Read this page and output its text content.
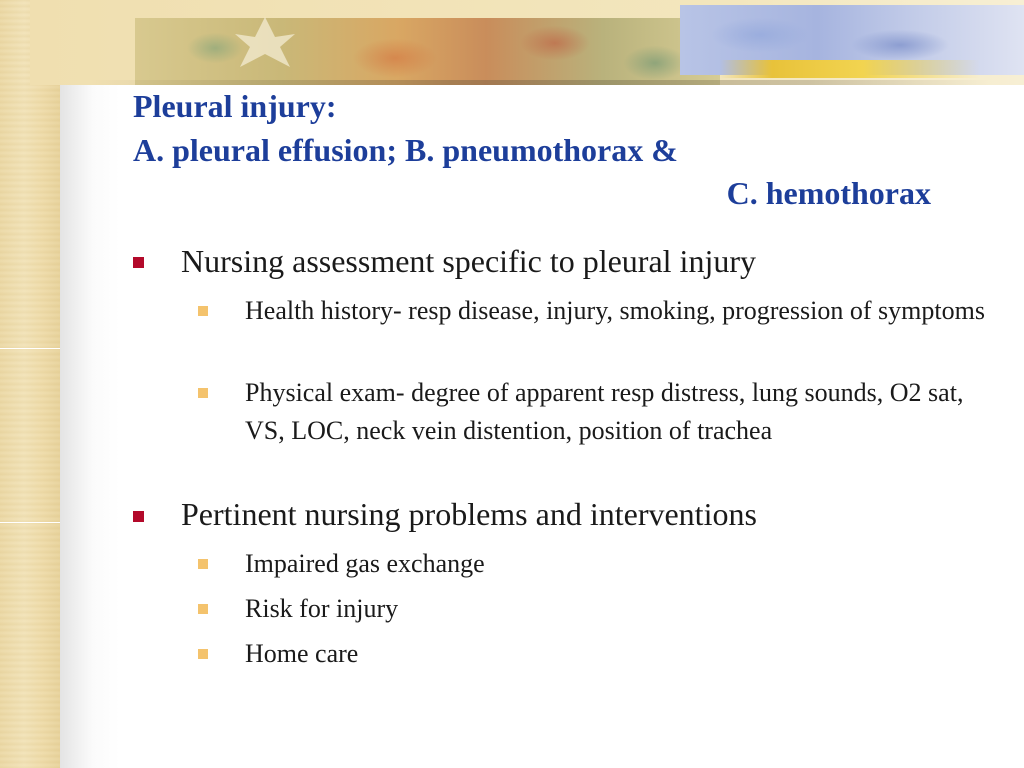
Pleural injury:
A. pleural effusion; B. pneumothorax &
C. hemothorax
Nursing assessment specific to pleural injury
Health history- resp disease, injury, smoking, progression of symptoms
Physical exam- degree of apparent resp distress, lung sounds, O2 sat, VS, LOC, neck vein distention, position of trachea
Pertinent nursing problems and interventions
Impaired gas exchange
Risk for injury
Home care
